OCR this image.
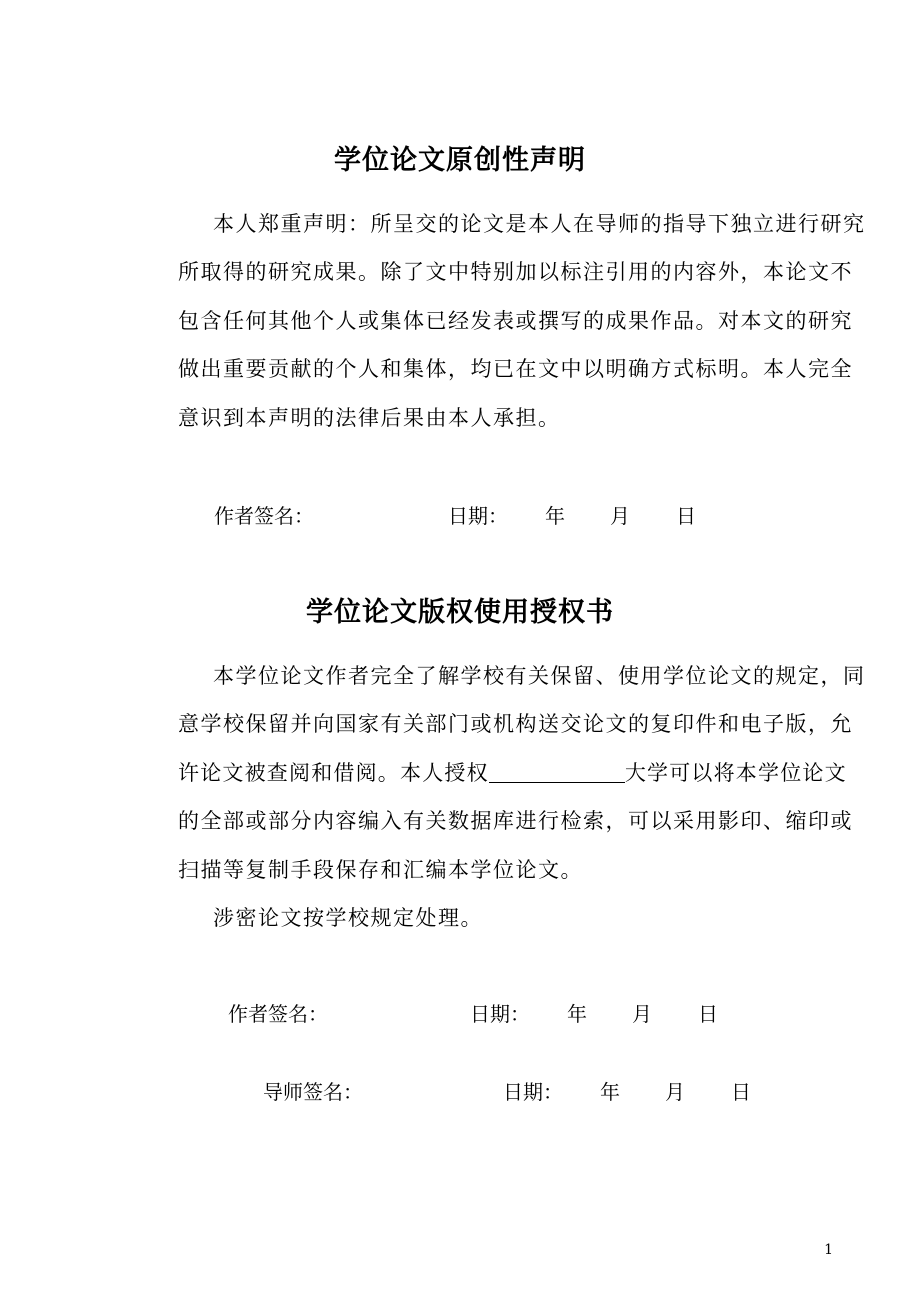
学位论文原创性声明
本人郑重声明：所呈交的论文是本人在导师的指导下独立进行研究
所取得的研究成果。除了文中特别加以标注引用的内容外，本论文不
包含任何其他个人或集体已经发表或撰写的成果作品。对本文的研究
做出重要贡献的个人和集体，均已在文中以明确方式标明。本人完全
意识到本声明的法律后果由本人承担。
作者签名：	日期： 年 月 日
学位论文版权使用授权书
本学位论文作者完全了解学校有关保留、使用学位论文的规定，同
意学校保留并向国家有关部门或机构送交论文的复印件和电子版，允
许论文被查阅和借阅。本人授权	大学可以将本学位论文
的全部或部分内容编入有关数据库进行检索，可以采用影印、缩印或
扫描等复制手段保存和汇编本学位论文。
涉密论文按学校规定处理。
作者签名：	日期： 年 月 日
导师签名：	日期： 年 月 日
1
